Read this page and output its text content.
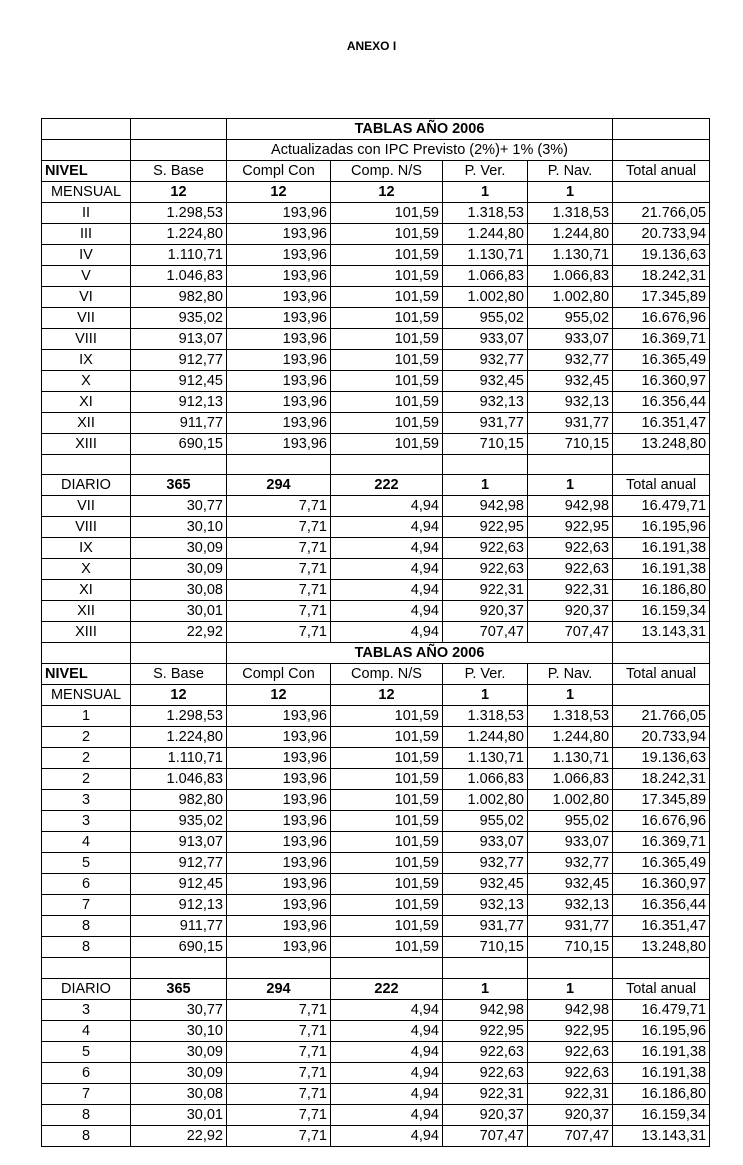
ANEXO I
		TABLAS AÑO 2006				
		Actualizadas con IPC Previsto (2%)+ 1% (3%)				
NIVEL	S. Base	Compl Con	Comp. N/S	P. Ver.	P. Nav.	Total anual
MENSUAL	12	12	12	1	1	
II	1.298,53	193,96	101,59	1.318,53	1.318,53	21.766,05
III	1.224,80	193,96	101,59	1.244,80	1.244,80	20.733,94
IV	1.110,71	193,96	101,59	1.130,71	1.130,71	19.136,63
V	1.046,83	193,96	101,59	1.066,83	1.066,83	18.242,31
VI	982,80	193,96	101,59	1.002,80	1.002,80	17.345,89
VII	935,02	193,96	101,59	955,02	955,02	16.676,96
VIII	913,07	193,96	101,59	933,07	933,07	16.369,71
IX	912,77	193,96	101,59	932,77	932,77	16.365,49
X	912,45	193,96	101,59	932,45	932,45	16.360,97
XI	912,13	193,96	101,59	932,13	932,13	16.356,44
XII	911,77	193,96	101,59	931,77	931,77	16.351,47
XIII	690,15	193,96	101,59	710,15	710,15	13.248,80

DIARIO	365	294	222	1	1	Total anual
VII	30,77	7,71	4,94	942,98	942,98	16.479,71
VIII	30,10	7,71	4,94	922,95	922,95	16.195,96
IX	30,09	7,71	4,94	922,63	922,63	16.191,38
X	30,09	7,71	4,94	922,63	922,63	16.191,38
XI	30,08	7,71	4,94	922,31	922,31	16.186,80
XII	30,01	7,71	4,94	920,37	920,37	16.159,34
XIII	22,92	7,71	4,94	707,47	707,47	13.143,31
		TABLAS AÑO 2006				
NIVEL	S. Base	Compl Con	Comp. N/S	P. Ver.	P. Nav.	Total anual
MENSUAL	12	12	12	1	1	
1	1.298,53	193,96	101,59	1.318,53	1.318,53	21.766,05
2	1.224,80	193,96	101,59	1.244,80	1.244,80	20.733,94
2	1.110,71	193,96	101,59	1.130,71	1.130,71	19.136,63
2	1.046,83	193,96	101,59	1.066,83	1.066,83	18.242,31
3	982,80	193,96	101,59	1.002,80	1.002,80	17.345,89
3	935,02	193,96	101,59	955,02	955,02	16.676,96
4	913,07	193,96	101,59	933,07	933,07	16.369,71
5	912,77	193,96	101,59	932,77	932,77	16.365,49
6	912,45	193,96	101,59	932,45	932,45	16.360,97
7	912,13	193,96	101,59	932,13	932,13	16.356,44
8	911,77	193,96	101,59	931,77	931,77	16.351,47
8	690,15	193,96	101,59	710,15	710,15	13.248,80

DIARIO	365	294	222	1	1	Total anual
3	30,77	7,71	4,94	942,98	942,98	16.479,71
4	30,10	7,71	4,94	922,95	922,95	16.195,96
5	30,09	7,71	4,94	922,63	922,63	16.191,38
6	30,09	7,71	4,94	922,63	922,63	16.191,38
7	30,08	7,71	4,94	922,31	922,31	16.186,80
8	30,01	7,71	4,94	920,37	920,37	16.159,34
8	22,92	7,71	4,94	707,47	707,47	13.143,31
